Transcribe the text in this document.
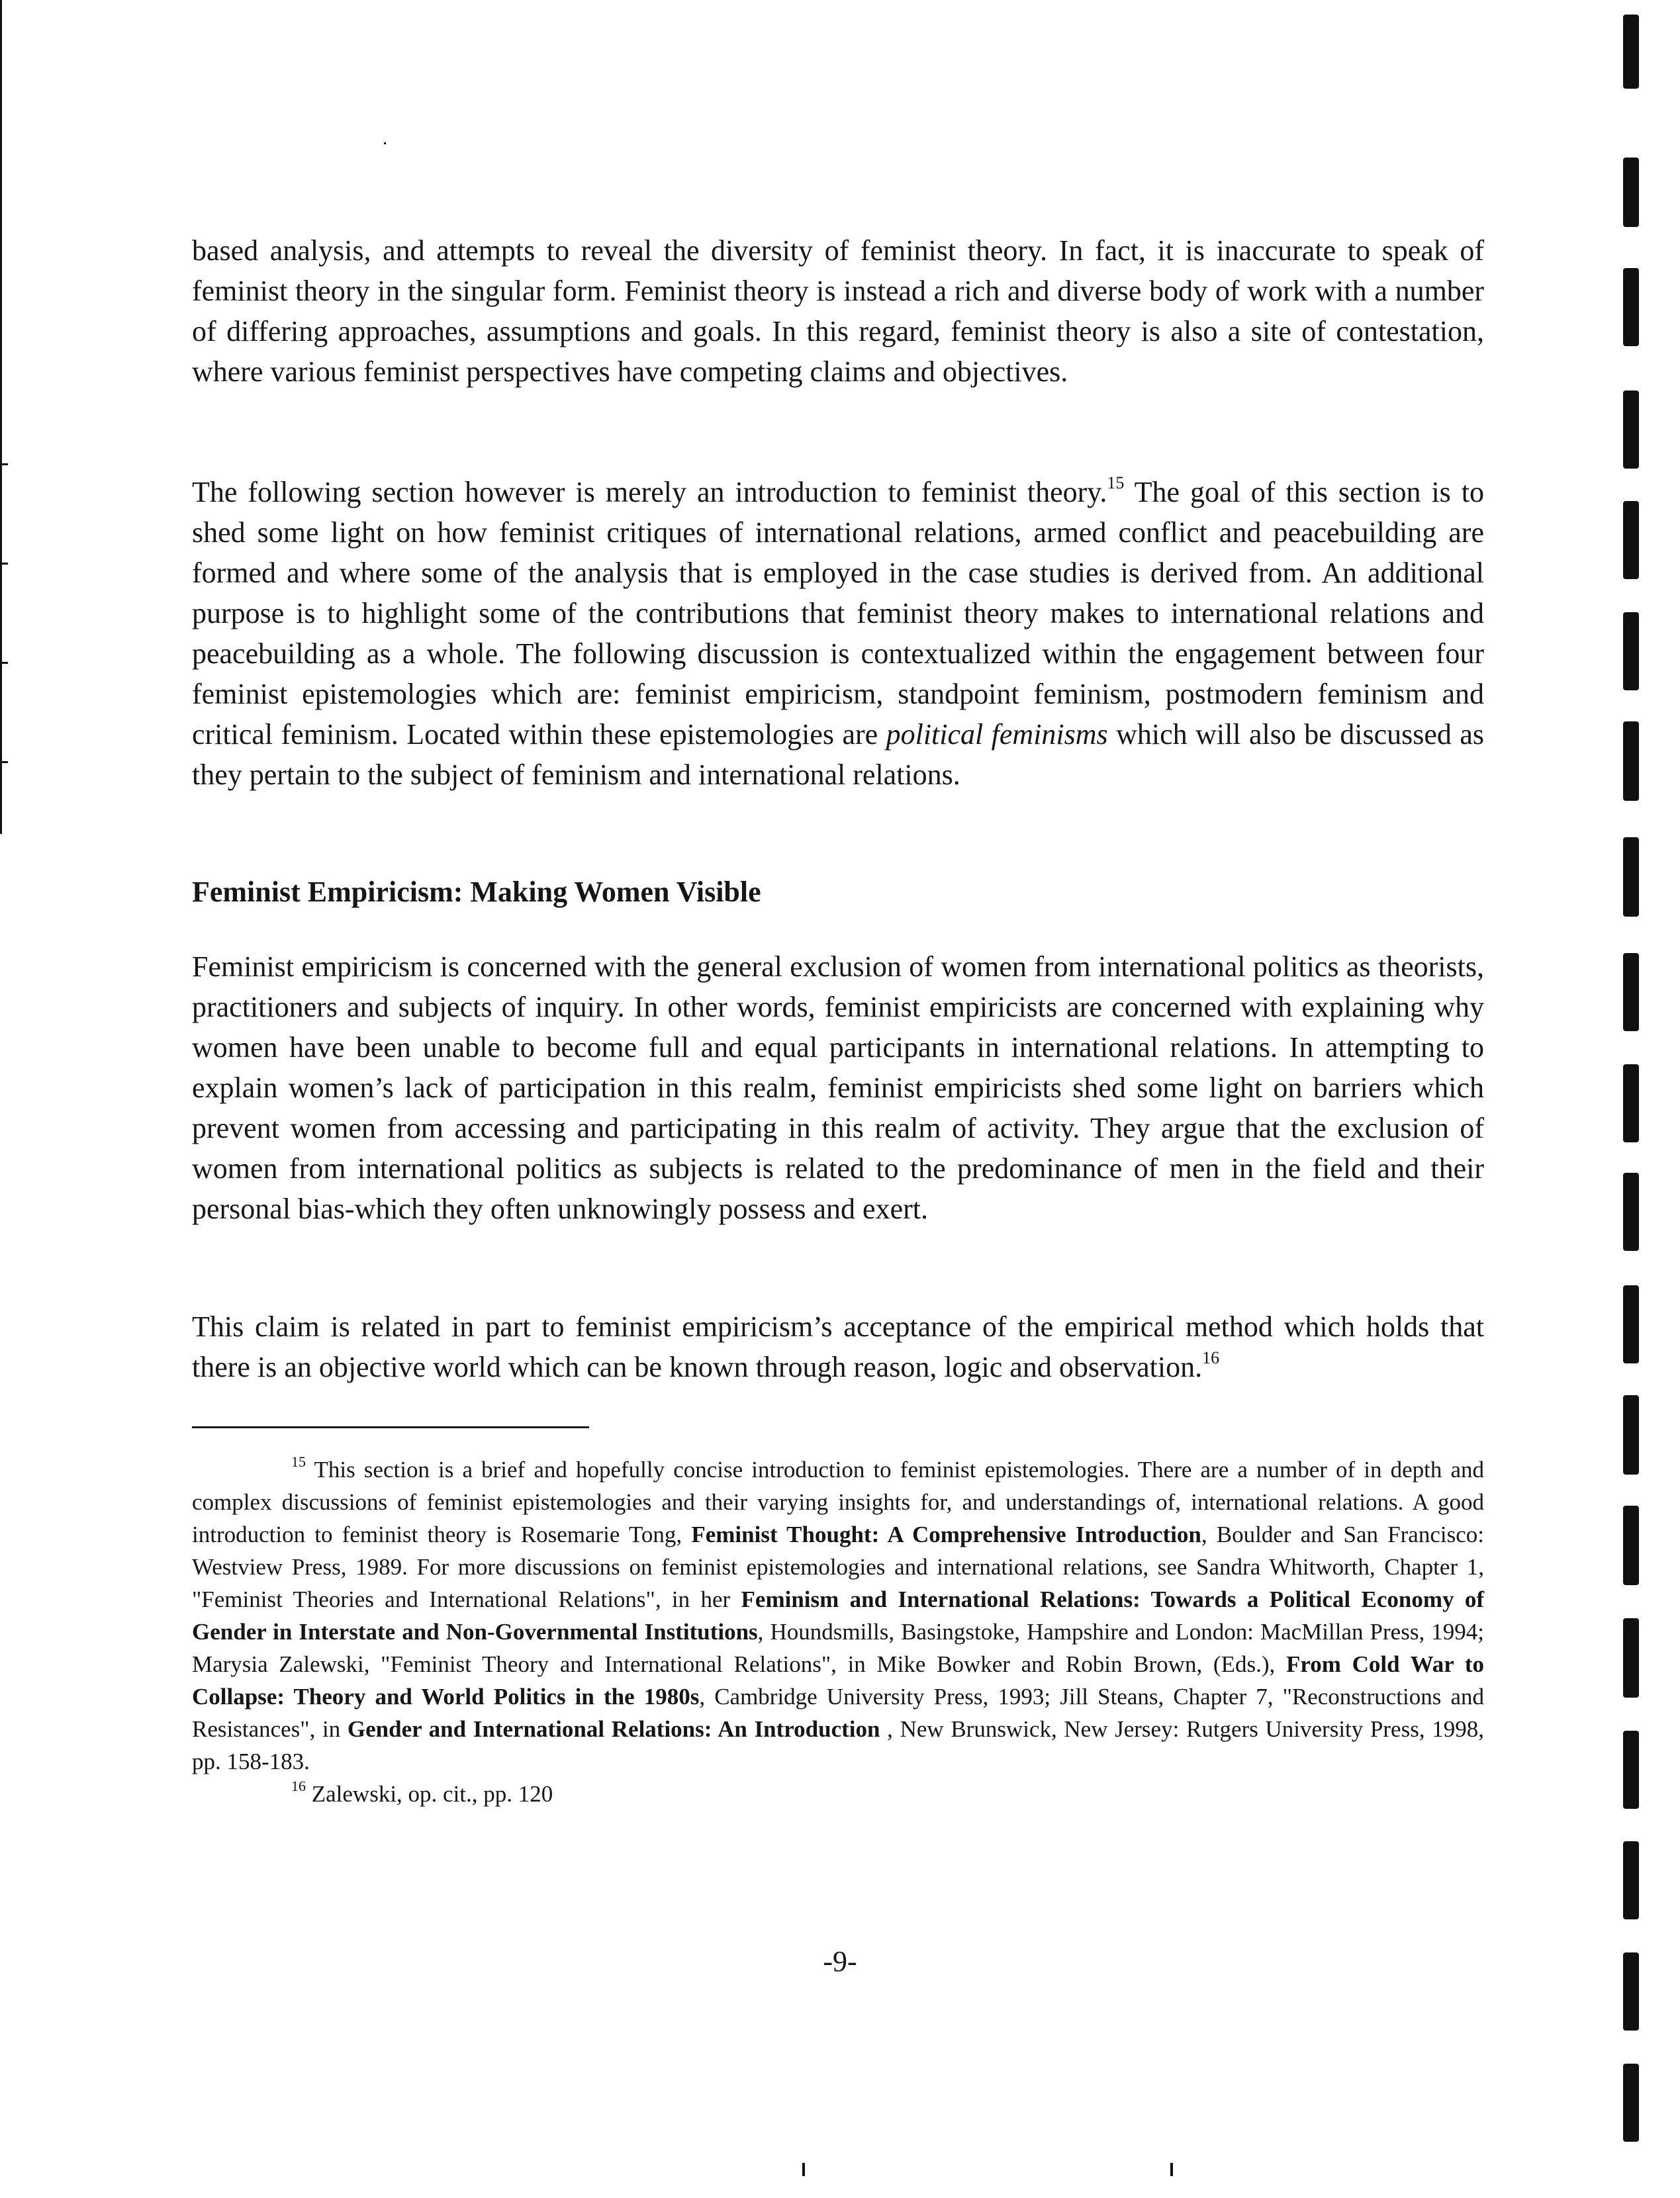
based analysis, and attempts to reveal the diversity of feminist theory. In fact, it is inaccurate to speak of feminist theory in the singular form. Feminist theory is instead a rich and diverse body of work with a number of differing approaches, assumptions and goals. In this regard, feminist theory is also a site of contestation, where various feminist perspectives have competing claims and objectives.

The following section however is merely an introduction to feminist theory.$^{15}$ The goal of this section is to shed some light on how feminist critiques of international relations, armed conflict and peacebuilding are formed and where some of the analysis that is employed in the case studies is derived from. An additional purpose is to highlight some of the contributions that feminist theory makes to international relations and peacebuilding as a whole. The following discussion is contextualized within the engagement between four feminist epistemologies which are: feminist empiricism, standpoint feminism, postmodern feminism and critical feminism. Located within these epistemologies are political feminisms which will also be discussed as they pertain to the subject of feminism and international relations.

Feminist Empiricism: Making Women Visible

Feminist empiricism is concerned with the general exclusion of women from international politics as theorists, practitioners and subjects of inquiry. In other words, feminist empiricists are concerned with explaining why women have been unable to become full and equal participants in international relations. In attempting to explain women’s lack of participation in this realm, feminist empiricists shed some light on barriers which prevent women from accessing and participating in this realm of activity. They argue that the exclusion of women from international politics as subjects is related to the predominance of men in the field and their personal bias-which they often unknowingly possess and exert.

This claim is related in part to feminist empiricism’s acceptance of the empirical method which holds that there is an objective world which can be known through reason, logic and observation.$^{16}$

$^{15}$ This section is a brief and hopefully concise introduction to feminist epistemologies. There are a number of in depth and complex discussions of feminist epistemologies and their varying insights for, and understandings of, international relations. A good introduction to feminist theory is Rosemarie Tong, Feminist Thought: A Comprehensive Introduction, Boulder and San Francisco: Westview Press, 1989. For more discussions on feminist epistemologies and international relations, see Sandra Whitworth, Chapter 1, "Feminist Theories and International Relations", in her Feminism and International Relations: Towards a Political Economy of Gender in Interstate and Non-Governmental Institutions, Houndsmills, Basingstoke, Hampshire and London: MacMillan Press, 1994; Marysia Zalewski, "Feminist Theory and International Relations", in Mike Bowker and Robin Brown, (Eds.), From Cold War to Collapse: Theory and World Politics in the 1980s, Cambridge University Press, 1993; Jill Steans, Chapter 7, "Reconstructions and Resistances", in Gender and International Relations: An Introduction , New Brunswick, New Jersey: Rutgers University Press, 1998, pp. 158-183.

$^{16}$ Zalewski, op. cit., pp. 120

-9-
